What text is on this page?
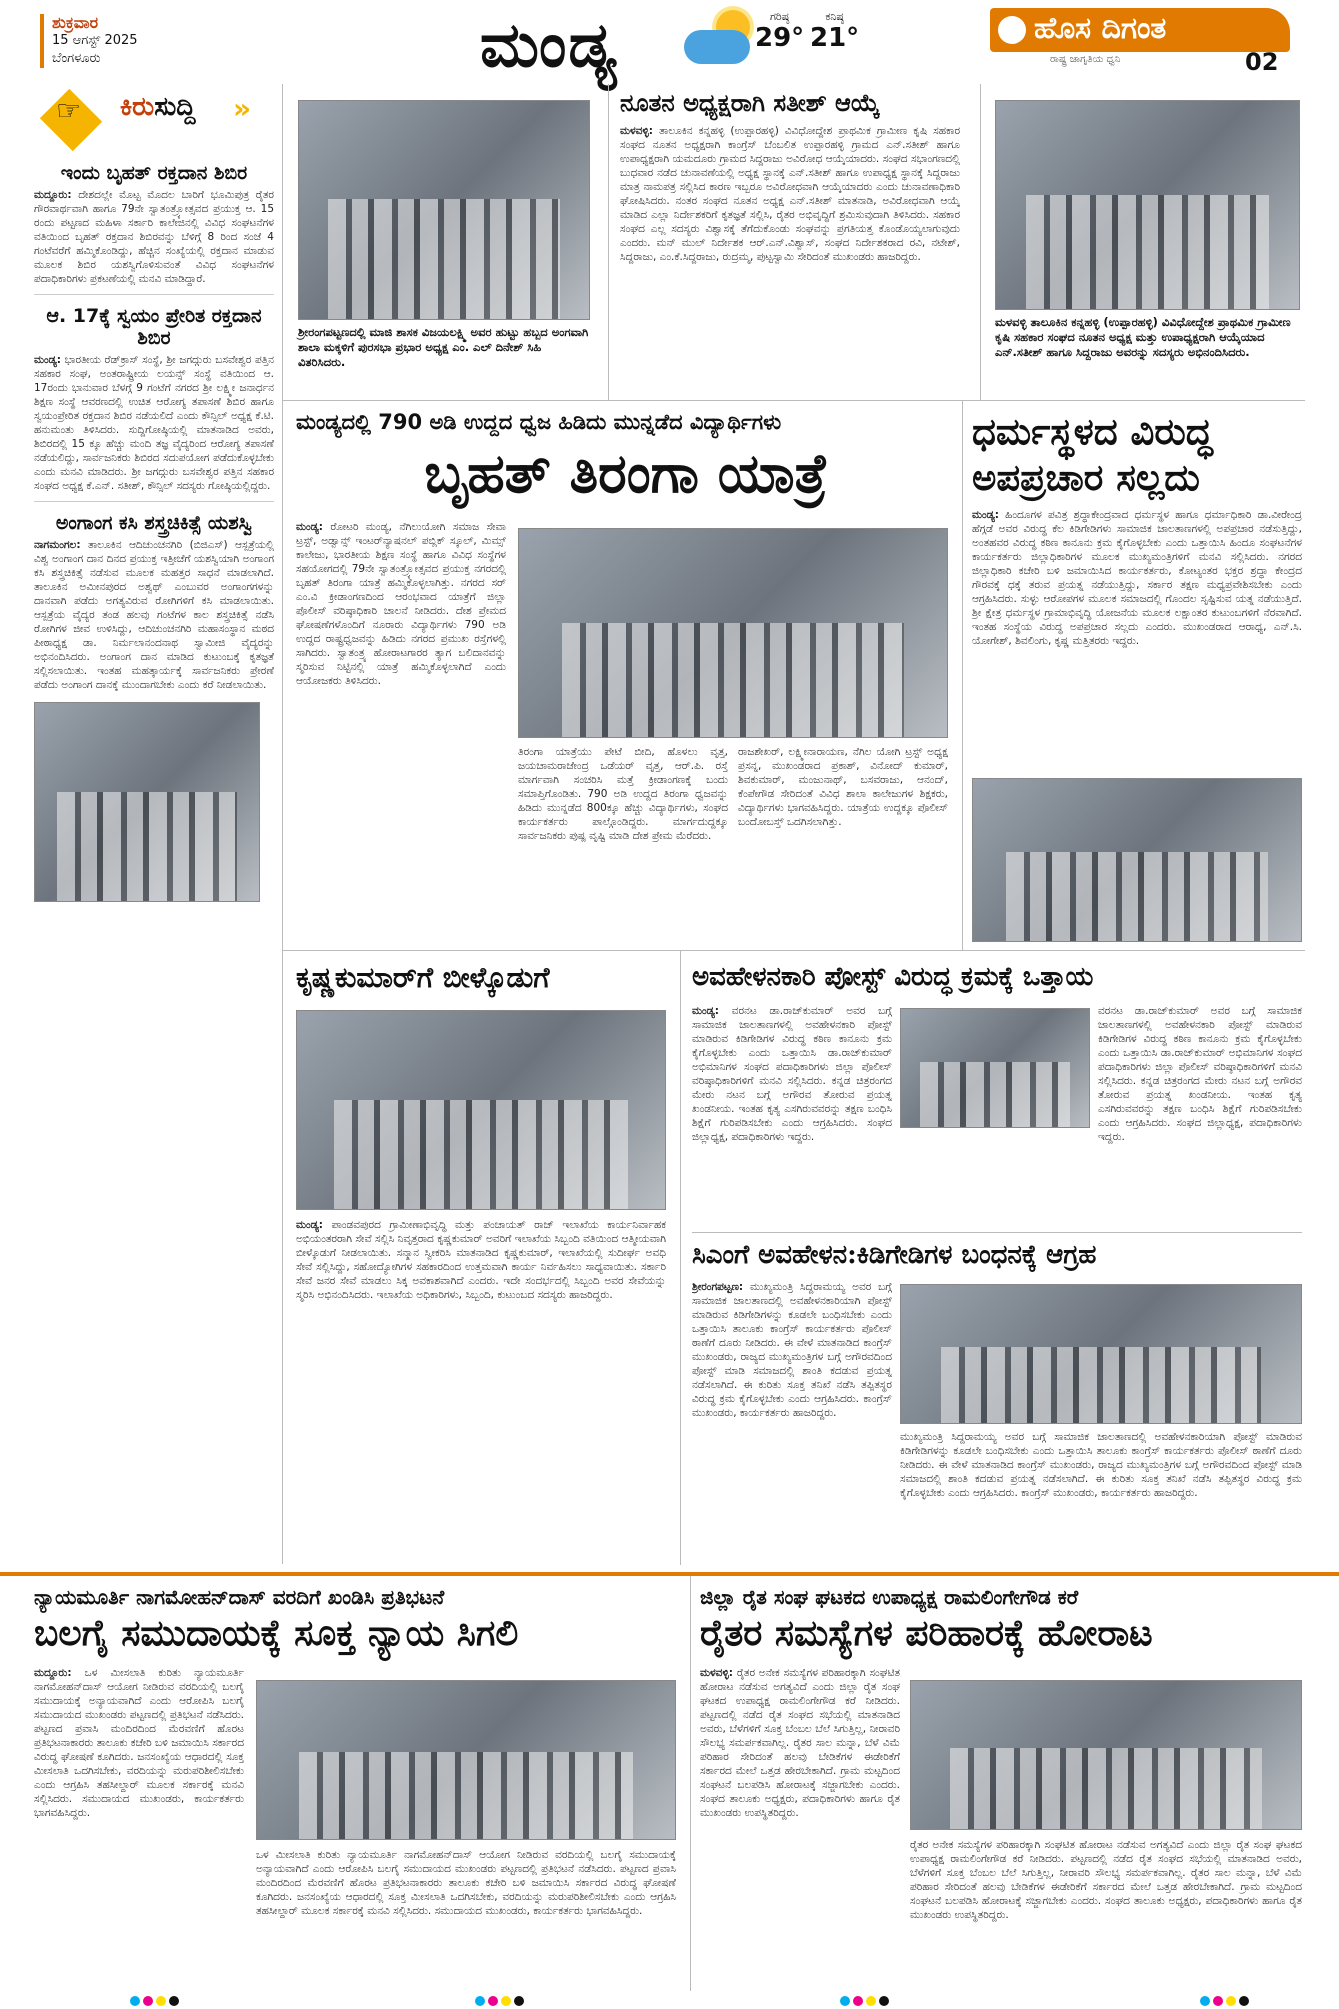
ಶುಕ್ರವಾರ
15 ಆಗಸ್ಟ್ 2025
ಬೆಂಗಳೂರು	ಮಂಡ್ಯ	ಗರಿಷ್ಠ
29°
ಕನಿಷ್ಠ
21°	ಹೊಸ ದಿಗಂತ
ರಾಷ್ಟ್ರ ಜಾಗೃತಿಯ ಧ್ವನಿ	02
☞ ಕಿರುಸುದ್ದಿ »
ಇಂದು ಬೃಹತ್ ರಕ್ತದಾನ ಶಿಬಿರ

ಮದ್ದೂರು: ದೇಶದಲ್ಲೇ ಮೊಟ್ಟ ಮೊದಲ ಬಾರಿಗೆ ಭೂಮಿಪುತ್ರ ರೈತರ ಗೌರವಾರ್ಥವಾಗಿ ಹಾಗೂ 79ನೇ ಸ್ವಾತಂತ್ರ್ಯೋತ್ಸವದ ಪ್ರಯುಕ್ತ ಆ. 15 ರಂದು ಪಟ್ಟಣದ ಮಹಿಳಾ ಸರ್ಕಾರಿ ಕಾಲೇಜಿನಲ್ಲಿ ವಿವಿಧ ಸಂಘಟನೆಗಳ ವತಿಯಿಂದ ಬೃಹತ್ ರಕ್ತದಾನ ಶಿಬಿರವನ್ನು ಬೆಳಿಗ್ಗೆ 8 ರಿಂದ ಸಂಜೆ 4 ಗಂಟೆವರೆಗೆ ಹಮ್ಮಿಕೊಂಡಿದ್ದು, ಹೆಚ್ಚಿನ ಸಂಖ್ಯೆಯಲ್ಲಿ ರಕ್ತದಾನ ಮಾಡುವ ಮೂಲಕ ಶಿಬಿರ ಯಶಸ್ವಿಗೊಳಿಸುವಂತೆ ವಿವಿಧ ಸಂಘಟನೆಗಳ ಪದಾಧಿಕಾರಿಗಳು ಪ್ರಕಟಣೆಯಲ್ಲಿ ಮನವಿ ಮಾಡಿದ್ದಾರೆ.

ಆ. 17ಕ್ಕೆ ಸ್ವಯಂ ಪ್ರೇರಿತ ರಕ್ತದಾನ ಶಿಬಿರ

ಮಂಡ್ಯ: ಭಾರತೀಯ ರೆಡ್‌ಕ್ರಾಸ್ ಸಂಸ್ಥೆ, ಶ್ರೀ ಜಗದ್ಗುರು ಬಸವೇಶ್ವರ ಪತ್ತಿನ ಸಹಕಾರ ಸಂಘ, ಅಂತರಾಷ್ಟ್ರೀಯ ಲಯನ್ಸ್ ಸಂಸ್ಥೆ ವತಿಯಿಂದ ಆ. 17ರಂದು ಭಾನುವಾರ ಬೆಳಗ್ಗೆ 9 ಗಂಟೆಗೆ ನಗರದ ಶ್ರೀ ಲಕ್ಷ್ಮೀ ಜನಾರ್ಧನ ಶಿಕ್ಷಣ ಸಂಸ್ಥೆ ಆವರಣದಲ್ಲಿ ಉಚಿತ ಆರೋಗ್ಯ ತಪಾಸಣೆ ಶಿಬಿರ ಹಾಗೂ ಸ್ವಯಂಪ್ರೇರಿತ ರಕ್ತದಾನ ಶಿಬಿರ ನಡೆಯಲಿದೆ ಎಂದು ಕೌನ್ಸಿಲ್ ಅಧ್ಯಕ್ಷ ಕೆ.ಟಿ. ಹನುಮಂತು ತಿಳಿಸಿದರು. ಸುದ್ದಿಗೋಷ್ಠಿಯಲ್ಲಿ ಮಾತನಾಡಿದ ಅವರು, ಶಿಬಿರದಲ್ಲಿ 15 ಕ್ಕೂ ಹೆಚ್ಚು ಮಂದಿ ತಜ್ಞ ವೈದ್ಯರಿಂದ ಆರೋಗ್ಯ ತಪಾಸಣೆ ನಡೆಯಲಿದ್ದು, ಸಾರ್ವಜನಿಕರು ಶಿಬಿರದ ಸದುಪಯೋಗ ಪಡೆದುಕೊಳ್ಳಬೇಕು ಎಂದು ಮನವಿ ಮಾಡಿದರು. ಶ್ರೀ ಜಗದ್ಗುರು ಬಸವೇಶ್ವರ ಪತ್ತಿನ ಸಹಕಾರ ಸಂಘದ ಅಧ್ಯಕ್ಷ ಕೆ.ಎನ್. ಸತೀಶ್, ಕೌನ್ಸಿಲ್ ಸದಸ್ಯರು ಗೋಷ್ಠಿಯಲ್ಲಿದ್ದರು.

ಅಂಗಾಂಗ ಕಸಿ ಶಸ್ತ್ರಚಿಕಿತ್ಸೆ ಯಶಸ್ವಿ

ನಾಗಮಂಗಲ: ತಾಲೂಕಿನ ಆದಿಚುಂಚನಗಿರಿ (ಬಿಜಿಎಸ್) ಆಸ್ಪತ್ರೆಯಲ್ಲಿ ವಿಶ್ವ ಅಂಗಾಂಗ ದಾನ ದಿನದ ಪ್ರಯುಕ್ತ ಇತ್ತೀಚೆಗೆ ಯಶಸ್ವಿಯಾಗಿ ಅಂಗಾಂಗ ಕಸಿ ಶಸ್ತ್ರಚಿಕಿತ್ಸೆ ನಡೆಸುವ ಮೂಲಕ ಮಹತ್ತರ ಸಾಧನೆ ಮಾಡಲಾಗಿದೆ. ತಾಲೂಕಿನ ಅಮೀನಪುರದ ಅಶ್ವಥ್ ಎಂಬುವರ ಅಂಗಾಂಗಗಳನ್ನು ದಾನವಾಗಿ ಪಡೆದು ಅಗತ್ಯವಿರುವ ರೋಗಿಗಳಿಗೆ ಕಸಿ ಮಾಡಲಾಯಿತು. ಆಸ್ಪತ್ರೆಯ ವೈದ್ಯರ ತಂಡ ಹಲವು ಗಂಟೆಗಳ ಕಾಲ ಶಸ್ತ್ರಚಿಕಿತ್ಸೆ ನಡೆಸಿ ರೋಗಿಗಳ ಜೀವ ಉಳಿಸಿದ್ದು, ಆದಿಚುಂಚನಗಿರಿ ಮಹಾಸಂಸ್ಥಾನ ಮಠದ ಪೀಠಾಧ್ಯಕ್ಷ ಡಾ. ನಿರ್ಮಲಾನಂದನಾಥ ಸ್ವಾಮೀಜಿ ವೈದ್ಯರನ್ನು ಅಭಿನಂದಿಸಿದರು. ಅಂಗಾಂಗ ದಾನ ಮಾಡಿದ ಕುಟುಂಬಕ್ಕೆ ಕೃತಜ್ಞತೆ ಸಲ್ಲಿಸಲಾಯಿತು. ಇಂತಹ ಮಹತ್ಕಾರ್ಯಕ್ಕೆ ಸಾರ್ವಜನಿಕರು ಪ್ರೇರಣೆ ಪಡೆದು ಅಂಗಾಂಗ ದಾನಕ್ಕೆ ಮುಂದಾಗಬೇಕು ಎಂದು ಕರೆ ನೀಡಲಾಯಿತು.

ಶ್ರೀರಂಗಪಟ್ಟಣದಲ್ಲಿ ಮಾಜಿ ಶಾಸಕ ವಿಜಯಲಕ್ಷ್ಮಿ ಅವರ ಹುಟ್ಟು ಹಬ್ಬದ ಅಂಗವಾಗಿ ಶಾಲಾ ಮಕ್ಕಳಿಗೆ ಪುರಸಭಾ ಪ್ರಭಾರ ಅಧ್ಯಕ್ಷ ಎಂ. ಎಲ್ ದಿನೇಶ್ ಸಿಹಿ ವಿತರಿಸಿದರು.
ನೂತನ ಅಧ್ಯಕ್ಷರಾಗಿ ಸತೀಶ್ ಆಯ್ಕೆ
ಮಳವಳ್ಳಿ: ತಾಲೂಕಿನ ಕನ್ನಹಳ್ಳಿ (ಉಪ್ಪಾರಹಳ್ಳಿ) ವಿವಿಧೋದ್ದೇಶ ಪ್ರಾಥಮಿಕ ಗ್ರಾಮೀಣ ಕೃಷಿ ಸಹಕಾರ ಸಂಘದ ನೂತನ ಅಧ್ಯಕ್ಷರಾಗಿ ಕಾಂಗ್ರೆಸ್ ಬೆಂಬಲಿತ ಉಪ್ಪಾರಹಳ್ಳಿ ಗ್ರಾಮದ ಎನ್.ಸತೀಶ್ ಹಾಗೂ ಉಪಾಧ್ಯಕ್ಷರಾಗಿ ಯಮದೂರು ಗ್ರಾಮದ ಸಿದ್ದರಾಜು ಅವಿರೋಧ ಆಯ್ಕೆಯಾದರು. ಸಂಘದ ಸಭಾಂಗಣದಲ್ಲಿ ಬುಧವಾರ ನಡೆದ ಚುನಾವಣೆಯಲ್ಲಿ ಅಧ್ಯಕ್ಷ ಸ್ಥಾನಕ್ಕೆ ಎನ್.ಸತೀಶ್ ಹಾಗೂ ಉಪಾಧ್ಯಕ್ಷ ಸ್ಥಾನಕ್ಕೆ ಸಿದ್ದರಾಜು ಮಾತ್ರ ನಾಮಪತ್ರ ಸಲ್ಲಿಸಿದ ಕಾರಣ ಇಬ್ಬರೂ ಅವಿರೋಧವಾಗಿ ಆಯ್ಕೆಯಾದರು ಎಂದು ಚುನಾವಣಾಧಿಕಾರಿ ಘೋಷಿಸಿದರು. ನಂತರ ಸಂಘದ ನೂತನ ಅಧ್ಯಕ್ಷ ಎನ್.ಸತೀಶ್ ಮಾತನಾಡಿ, ಅವಿರೋಧವಾಗಿ ಆಯ್ಕೆ ಮಾಡಿದ ಎಲ್ಲಾ ನಿರ್ದೇಶಕರಿಗೆ ಕೃತಜ್ಞತೆ ಸಲ್ಲಿಸಿ, ರೈತರ ಅಭಿವೃದ್ಧಿಗೆ ಶ್ರಮಿಸುವುದಾಗಿ ತಿಳಿಸಿದರು. ಸಹಕಾರ ಸಂಘದ ಎಲ್ಲ ಸದಸ್ಯರು ವಿಶ್ವಾಸಕ್ಕೆ ತೆಗೆದುಕೊಂಡು ಸಂಘವನ್ನು ಪ್ರಗತಿಯತ್ತ ಕೊಂಡೊಯ್ಯಲಾಗುವುದು ಎಂದರು. ಮನ್ ಮುಲ್ ನಿರ್ದೇಶಕ ಆರ್.ಎನ್.ವಿಶ್ವಾಸ್, ಸಂಘದ ನಿರ್ದೇಶಕರಾದ ರವಿ, ನಟೇಶ್, ಸಿದ್ದರಾಜು, ಎಂ.ಕೆ.ಸಿದ್ದರಾಜು, ರುದ್ರಮ್ಮ, ಪುಟ್ಟಸ್ವಾಮಿ ಸೇರಿದಂತೆ ಮುಖಂಡರು ಹಾಜರಿದ್ದರು.
ಮಳವಳ್ಳಿ ತಾಲೂಕಿನ ಕನ್ನಹಳ್ಳಿ (ಉಪ್ಪಾರಹಳ್ಳಿ) ವಿವಿಧೋದ್ದೇಶ ಪ್ರಾಥಮಿಕ ಗ್ರಾಮೀಣ ಕೃಷಿ ಸಹಕಾರ ಸಂಘದ ನೂತನ ಅಧ್ಯಕ್ಷ ಮತ್ತು ಉಪಾಧ್ಯಕ್ಷರಾಗಿ ಆಯ್ಕೆಯಾದ ಎನ್.ಸತೀಶ್ ಹಾಗೂ ಸಿದ್ದರಾಜು ಅವರನ್ನು ಸದಸ್ಯರು ಅಭಿನಂದಿಸಿದರು.
ಮಂಡ್ಯದಲ್ಲಿ 790 ಅಡಿ ಉದ್ದದ ಧ್ವಜ ಹಿಡಿದು ಮುನ್ನಡೆದ ವಿದ್ಯಾರ್ಥಿಗಳು
ಬೃಹತ್ ತಿರಂಗಾ ಯಾತ್ರೆ
ಮಂಡ್ಯ: ರೋಟರಿ ಮಂಡ್ಯ, ನೆಗಿಲುಯೋಗಿ ಸಮಾಜ ಸೇವಾ ಟ್ರಸ್ಟ್, ಅಡ್ವಾನ್ಸ್ ಇಂಟರ್‌ನ್ಯಾಷನಲ್ ಪಬ್ಲಿಕ್ ಸ್ಕೂಲ್, ಮಿಮ್ಸ್ ಕಾಲೇಜು, ಭಾರತೀಯ ಶಿಕ್ಷಣ ಸಂಸ್ಥೆ ಹಾಗೂ ವಿವಿಧ ಸಂಸ್ಥೆಗಳ ಸಹಯೋಗದಲ್ಲಿ 79ನೇ ಸ್ವಾತಂತ್ರ್ಯೋತ್ಸವದ ಪ್ರಯುಕ್ತ ನಗರದಲ್ಲಿ ಬೃಹತ್ ತಿರಂಗಾ ಯಾತ್ರೆ ಹಮ್ಮಿಕೊಳ್ಳಲಾಗಿತ್ತು. ನಗರದ ಸರ್ ಎಂ.ವಿ ಕ್ರೀಡಾಂಗಣದಿಂದ ಆರಂಭವಾದ ಯಾತ್ರೆಗೆ ಜಿಲ್ಲಾ ಪೊಲೀಸ್ ವರಿಷ್ಠಾಧಿಕಾರಿ ಚಾಲನೆ ನೀಡಿದರು. ದೇಶ ಪ್ರೇಮದ ಘೋಷಣೆಗಳೊಂದಿಗೆ ನೂರಾರು ವಿದ್ಯಾರ್ಥಿಗಳು 790 ಅಡಿ ಉದ್ದದ ರಾಷ್ಟ್ರಧ್ವಜವನ್ನು ಹಿಡಿದು ನಗರದ ಪ್ರಮುಖ ರಸ್ತೆಗಳಲ್ಲಿ ಸಾಗಿದರು. ಸ್ವಾತಂತ್ರ್ಯ ಹೋರಾಟಗಾರರ ತ್ಯಾಗ ಬಲಿದಾನವನ್ನು ಸ್ಮರಿಸುವ ನಿಟ್ಟಿನಲ್ಲಿ ಯಾತ್ರೆ ಹಮ್ಮಿಕೊಳ್ಳಲಾಗಿದೆ ಎಂದು ಆಯೋಜಕರು ತಿಳಿಸಿದರು.
ತಿರಂಗಾ ಯಾತ್ರೆಯು ಪೇಟೆ ಬೀದಿ, ಹೊಳಲು ವೃತ್ತ, ಜಯಚಾಮರಾಜೇಂದ್ರ ಒಡೆಯರ್ ವೃತ್ತ, ಆರ್.ಪಿ. ರಸ್ತೆ ಮಾರ್ಗವಾಗಿ ಸಂಚರಿಸಿ ಮತ್ತೆ ಕ್ರೀಡಾಂಗಣಕ್ಕೆ ಬಂದು ಸಮಾಪ್ತಿಗೊಂಡಿತು. 790 ಅಡಿ ಉದ್ದದ ತಿರಂಗಾ ಧ್ವಜವನ್ನು ಹಿಡಿದು ಮುನ್ನಡೆದ 800ಕ್ಕೂ ಹೆಚ್ಚು ವಿದ್ಯಾರ್ಥಿಗಳು, ಸಂಘದ ಕಾರ್ಯಕರ್ತರು ಪಾಲ್ಗೊಂಡಿದ್ದರು. ಮಾರ್ಗದುದ್ದಕ್ಕೂ ಸಾರ್ವಜನಿಕರು ಪುಷ್ಪ ವೃಷ್ಟಿ ಮಾಡಿ ದೇಶ ಪ್ರೇಮ ಮೆರೆದರು.
ರಾಜಶೇಖರ್, ಲಕ್ಷ್ಮೀನಾರಾಯಣ, ನೆಗಿಲ ಯೋಗಿ ಟ್ರಸ್ಟ್ ಅಧ್ಯಕ್ಷ ಪ್ರಸನ್ನ, ಮುಖಂಡರಾದ ಪ್ರಕಾಶ್, ವಿನೋದ್ ಕುಮಾರ್, ಶಿವಕುಮಾರ್, ಮಂಜುನಾಥ್, ಬಸವರಾಜು, ಆನಂದ್, ಕೆಂಪೇಗೌಡ ಸೇರಿದಂತೆ ವಿವಿಧ ಶಾಲಾ ಕಾಲೇಜುಗಳ ಶಿಕ್ಷಕರು, ವಿದ್ಯಾರ್ಥಿಗಳು ಭಾಗವಹಿಸಿದ್ದರು. ಯಾತ್ರೆಯ ಉದ್ದಕ್ಕೂ ಪೊಲೀಸ್ ಬಂದೋಬಸ್ತ್ ಒದಗಿಸಲಾಗಿತ್ತು.
ಧರ್ಮಸ್ಥಳದ ವಿರುದ್ಧ ಅಪಪ್ರಚಾರ ಸಲ್ಲದು
ಮಂಡ್ಯ: ಹಿಂದೂಗಳ ಪವಿತ್ರ ಶ್ರದ್ಧಾಕೇಂದ್ರವಾದ ಧರ್ಮಸ್ಥಳ ಹಾಗೂ ಧರ್ಮಾಧಿಕಾರಿ ಡಾ.ವೀರೇಂದ್ರ ಹೆಗ್ಗಡೆ ಅವರ ವಿರುದ್ಧ ಕೆಲ ಕಿಡಿಗೇಡಿಗಳು ಸಾಮಾಜಿಕ ಜಾಲತಾಣಗಳಲ್ಲಿ ಅಪಪ್ರಚಾರ ನಡೆಸುತ್ತಿದ್ದು, ಅಂತಹವರ ವಿರುದ್ಧ ಕಠಿಣ ಕಾನೂನು ಕ್ರಮ ಕೈಗೊಳ್ಳಬೇಕು ಎಂದು ಒತ್ತಾಯಿಸಿ ಹಿಂದೂ ಸಂಘಟನೆಗಳ ಕಾರ್ಯಕರ್ತರು ಜಿಲ್ಲಾಧಿಕಾರಿಗಳ ಮೂಲಕ ಮುಖ್ಯಮಂತ್ರಿಗಳಿಗೆ ಮನವಿ ಸಲ್ಲಿಸಿದರು. ನಗರದ ಜಿಲ್ಲಾಧಿಕಾರಿ ಕಚೇರಿ ಬಳಿ ಜಮಾಯಿಸಿದ ಕಾರ್ಯಕರ್ತರು, ಕೋಟ್ಯಂತರ ಭಕ್ತರ ಶ್ರದ್ಧಾ ಕೇಂದ್ರದ ಗೌರವಕ್ಕೆ ಧಕ್ಕೆ ತರುವ ಪ್ರಯತ್ನ ನಡೆಯುತ್ತಿದ್ದು, ಸರ್ಕಾರ ತಕ್ಷಣ ಮಧ್ಯಪ್ರವೇಶಿಸಬೇಕು ಎಂದು ಆಗ್ರಹಿಸಿದರು. ಸುಳ್ಳು ಆರೋಪಗಳ ಮೂಲಕ ಸಮಾಜದಲ್ಲಿ ಗೊಂದಲ ಸೃಷ್ಟಿಸುವ ಯತ್ನ ನಡೆಯುತ್ತಿದೆ. ಶ್ರೀ ಕ್ಷೇತ್ರ ಧರ್ಮಸ್ಥಳ ಗ್ರಾಮಾಭಿವೃದ್ಧಿ ಯೋಜನೆಯ ಮೂಲಕ ಲಕ್ಷಾಂತರ ಕುಟುಂಬಗಳಿಗೆ ನೆರವಾಗಿದೆ. ಇಂತಹ ಸಂಸ್ಥೆಯ ವಿರುದ್ಧ ಅಪಪ್ರಚಾರ ಸಲ್ಲದು ಎಂದರು. ಮುಖಂಡರಾದ ಆರಾಧ್ಯ, ಎನ್.ಸಿ. ಯೋಗೇಶ್, ಶಿವಲಿಂಗು, ಕೃಷ್ಣ ಮತ್ತಿತರರು ಇದ್ದರು.
ಕೃಷ್ಣಕುಮಾರ್‌ಗೆ ಬೀಳ್ಕೊಡುಗೆ
ಮಂಡ್ಯ: ಪಾಂಡವಪುರದ ಗ್ರಾಮೀಣಾಭಿವೃದ್ಧಿ ಮತ್ತು ಪಂಚಾಯತ್ ರಾಜ್ ಇಲಾಖೆಯ ಕಾರ್ಯನಿರ್ವಾಹಕ ಅಭಿಯಂತರರಾಗಿ ಸೇವೆ ಸಲ್ಲಿಸಿ ನಿವೃತ್ತರಾದ ಕೃಷ್ಣಕುಮಾರ್ ಅವರಿಗೆ ಇಲಾಖೆಯ ಸಿಬ್ಬಂದಿ ವತಿಯಿಂದ ಆತ್ಮೀಯವಾಗಿ ಬೀಳ್ಕೊಡುಗೆ ನೀಡಲಾಯಿತು. ಸನ್ಮಾನ ಸ್ವೀಕರಿಸಿ ಮಾತನಾಡಿದ ಕೃಷ್ಣಕುಮಾರ್, ಇಲಾಖೆಯಲ್ಲಿ ಸುದೀರ್ಘ ಅವಧಿ ಸೇವೆ ಸಲ್ಲಿಸಿದ್ದು, ಸಹೋದ್ಯೋಗಿಗಳ ಸಹಕಾರದಿಂದ ಉತ್ತಮವಾಗಿ ಕಾರ್ಯ ನಿರ್ವಹಿಸಲು ಸಾಧ್ಯವಾಯಿತು. ಸರ್ಕಾರಿ ಸೇವೆ ಜನರ ಸೇವೆ ಮಾಡಲು ಸಿಕ್ಕ ಅವಕಾಶವಾಗಿದೆ ಎಂದರು. ಇದೇ ಸಂದರ್ಭದಲ್ಲಿ ಸಿಬ್ಬಂದಿ ಅವರ ಸೇವೆಯನ್ನು ಸ್ಮರಿಸಿ ಅಭಿನಂದಿಸಿದರು. ಇಲಾಖೆಯ ಅಧಿಕಾರಿಗಳು, ಸಿಬ್ಬಂದಿ, ಕುಟುಂಬದ ಸದಸ್ಯರು ಹಾಜರಿದ್ದರು.
ಅವಹೇಳನಕಾರಿ ಪೋಸ್ಟ್ ವಿರುದ್ಧ ಕ್ರಮಕ್ಕೆ ಒತ್ತಾಯ
ಮಂಡ್ಯ: ವರನಟ ಡಾ.ರಾಜ್‌ಕುಮಾರ್ ಅವರ ಬಗ್ಗೆ ಸಾಮಾಜಿಕ ಜಾಲತಾಣಗಳಲ್ಲಿ ಅವಹೇಳನಕಾರಿ ಪೋಸ್ಟ್ ಮಾಡಿರುವ ಕಿಡಿಗೇಡಿಗಳ ವಿರುದ್ಧ ಕಠಿಣ ಕಾನೂನು ಕ್ರಮ ಕೈಗೊಳ್ಳಬೇಕು ಎಂದು ಒತ್ತಾಯಿಸಿ ಡಾ.ರಾಜ್‌ಕುಮಾರ್ ಅಭಿಮಾನಿಗಳ ಸಂಘದ ಪದಾಧಿಕಾರಿಗಳು ಜಿಲ್ಲಾ ಪೊಲೀಸ್ ವರಿಷ್ಠಾಧಿಕಾರಿಗಳಿಗೆ ಮನವಿ ಸಲ್ಲಿಸಿದರು. ಕನ್ನಡ ಚಿತ್ರರಂಗದ ಮೇರು ನಟನ ಬಗ್ಗೆ ಅಗೌರವ ತೋರುವ ಪ್ರಯತ್ನ ಖಂಡನೀಯ. ಇಂತಹ ಕೃತ್ಯ ಎಸಗಿರುವವರನ್ನು ತಕ್ಷಣ ಬಂಧಿಸಿ ಶಿಕ್ಷೆಗೆ ಗುರಿಪಡಿಸಬೇಕು ಎಂದು ಆಗ್ರಹಿಸಿದರು. ಸಂಘದ ಜಿಲ್ಲಾಧ್ಯಕ್ಷ, ಪದಾಧಿಕಾರಿಗಳು ಇದ್ದರು.
ವರನಟ ಡಾ.ರಾಜ್‌ಕುಮಾರ್ ಅವರ ಬಗ್ಗೆ ಸಾಮಾಜಿಕ ಜಾಲತಾಣಗಳಲ್ಲಿ ಅವಹೇಳನಕಾರಿ ಪೋಸ್ಟ್ ಮಾಡಿರುವ ಕಿಡಿಗೇಡಿಗಳ ವಿರುದ್ಧ ಕಠಿಣ ಕಾನೂನು ಕ್ರಮ ಕೈಗೊಳ್ಳಬೇಕು ಎಂದು ಒತ್ತಾಯಿಸಿ ಡಾ.ರಾಜ್‌ಕುಮಾರ್ ಅಭಿಮಾನಿಗಳ ಸಂಘದ ಪದಾಧಿಕಾರಿಗಳು ಜಿಲ್ಲಾ ಪೊಲೀಸ್ ವರಿಷ್ಠಾಧಿಕಾರಿಗಳಿಗೆ ಮನವಿ ಸಲ್ಲಿಸಿದರು. ಕನ್ನಡ ಚಿತ್ರರಂಗದ ಮೇರು ನಟನ ಬಗ್ಗೆ ಅಗೌರವ ತೋರುವ ಪ್ರಯತ್ನ ಖಂಡನೀಯ. ಇಂತಹ ಕೃತ್ಯ ಎಸಗಿರುವವರನ್ನು ತಕ್ಷಣ ಬಂಧಿಸಿ ಶಿಕ್ಷೆಗೆ ಗುರಿಪಡಿಸಬೇಕು ಎಂದು ಆಗ್ರಹಿಸಿದರು. ಸಂಘದ ಜಿಲ್ಲಾಧ್ಯಕ್ಷ, ಪದಾಧಿಕಾರಿಗಳು ಇದ್ದರು.
ಸಿಎಂಗೆ ಅವಹೇಳನ:ಕಿಡಿಗೇಡಿಗಳ ಬಂಧನಕ್ಕೆ ಆಗ್ರಹ
ಶ್ರೀರಂಗಪಟ್ಟಣ: ಮುಖ್ಯಮಂತ್ರಿ ಸಿದ್ದರಾಮಯ್ಯ ಅವರ ಬಗ್ಗೆ ಸಾಮಾಜಿಕ ಜಾಲತಾಣದಲ್ಲಿ ಅವಹೇಳನಕಾರಿಯಾಗಿ ಪೋಸ್ಟ್ ಮಾಡಿರುವ ಕಿಡಿಗೇಡಿಗಳನ್ನು ಕೂಡಲೇ ಬಂಧಿಸಬೇಕು ಎಂದು ಒತ್ತಾಯಿಸಿ ತಾಲೂಕು ಕಾಂಗ್ರೆಸ್ ಕಾರ್ಯಕರ್ತರು ಪೊಲೀಸ್ ಠಾಣೆಗೆ ದೂರು ನೀಡಿದರು. ಈ ವೇಳೆ ಮಾತನಾಡಿದ ಕಾಂಗ್ರೆಸ್ ಮುಖಂಡರು, ರಾಜ್ಯದ ಮುಖ್ಯಮಂತ್ರಿಗಳ ಬಗ್ಗೆ ಅಗೌರವದಿಂದ ಪೋಸ್ಟ್ ಮಾಡಿ ಸಮಾಜದಲ್ಲಿ ಶಾಂತಿ ಕದಡುವ ಪ್ರಯತ್ನ ನಡೆಸಲಾಗಿದೆ. ಈ ಕುರಿತು ಸೂಕ್ತ ತನಿಖೆ ನಡೆಸಿ ತಪ್ಪಿತಸ್ಥರ ವಿರುದ್ಧ ಕ್ರಮ ಕೈಗೊಳ್ಳಬೇಕು ಎಂದು ಆಗ್ರಹಿಸಿದರು. ಕಾಂಗ್ರೆಸ್ ಮುಖಂಡರು, ಕಾರ್ಯಕರ್ತರು ಹಾಜರಿದ್ದರು.
ಮುಖ್ಯಮಂತ್ರಿ ಸಿದ್ದರಾಮಯ್ಯ ಅವರ ಬಗ್ಗೆ ಸಾಮಾಜಿಕ ಜಾಲತಾಣದಲ್ಲಿ ಅವಹೇಳನಕಾರಿಯಾಗಿ ಪೋಸ್ಟ್ ಮಾಡಿರುವ ಕಿಡಿಗೇಡಿಗಳನ್ನು ಕೂಡಲೇ ಬಂಧಿಸಬೇಕು ಎಂದು ಒತ್ತಾಯಿಸಿ ತಾಲೂಕು ಕಾಂಗ್ರೆಸ್ ಕಾರ್ಯಕರ್ತರು ಪೊಲೀಸ್ ಠಾಣೆಗೆ ದೂರು ನೀಡಿದರು. ಈ ವೇಳೆ ಮಾತನಾಡಿದ ಕಾಂಗ್ರೆಸ್ ಮುಖಂಡರು, ರಾಜ್ಯದ ಮುಖ್ಯಮಂತ್ರಿಗಳ ಬಗ್ಗೆ ಅಗೌರವದಿಂದ ಪೋಸ್ಟ್ ಮಾಡಿ ಸಮಾಜದಲ್ಲಿ ಶಾಂತಿ ಕದಡುವ ಪ್ರಯತ್ನ ನಡೆಸಲಾಗಿದೆ. ಈ ಕುರಿತು ಸೂಕ್ತ ತನಿಖೆ ನಡೆಸಿ ತಪ್ಪಿತಸ್ಥರ ವಿರುದ್ಧ ಕ್ರಮ ಕೈಗೊಳ್ಳಬೇಕು ಎಂದು ಆಗ್ರಹಿಸಿದರು. ಕಾಂಗ್ರೆಸ್ ಮುಖಂಡರು, ಕಾರ್ಯಕರ್ತರು ಹಾಜರಿದ್ದರು.
ನ್ಯಾಯಮೂರ್ತಿ ನಾಗಮೋಹನ್‌ದಾಸ್ ವರದಿಗೆ ಖಂಡಿಸಿ ಪ್ರತಿಭಟನೆ
ಬಲಗೈ ಸಮುದಾಯಕ್ಕೆ ಸೂಕ್ತ ನ್ಯಾಯ ಸಿಗಲಿ
ಮದ್ದೂರು: ಒಳ ಮೀಸಲಾತಿ ಕುರಿತು ನ್ಯಾಯಮೂರ್ತಿ ನಾಗಮೋಹನ್‌ದಾಸ್ ಆಯೋಗ ನೀಡಿರುವ ವರದಿಯಲ್ಲಿ ಬಲಗೈ ಸಮುದಾಯಕ್ಕೆ ಅನ್ಯಾಯವಾಗಿದೆ ಎಂದು ಆರೋಪಿಸಿ ಬಲಗೈ ಸಮುದಾಯದ ಮುಖಂಡರು ಪಟ್ಟಣದಲ್ಲಿ ಪ್ರತಿಭಟನೆ ನಡೆಸಿದರು. ಪಟ್ಟಣದ ಪ್ರವಾಸಿ ಮಂದಿರದಿಂದ ಮೆರವಣಿಗೆ ಹೊರಟ ಪ್ರತಿಭಟನಾಕಾರರು ತಾಲೂಕು ಕಚೇರಿ ಬಳಿ ಜಮಾಯಿಸಿ ಸರ್ಕಾರದ ವಿರುದ್ಧ ಘೋಷಣೆ ಕೂಗಿದರು. ಜನಸಂಖ್ಯೆಯ ಆಧಾರದಲ್ಲಿ ಸೂಕ್ತ ಮೀಸಲಾತಿ ಒದಗಿಸಬೇಕು, ವರದಿಯನ್ನು ಮರುಪರಿಶೀಲಿಸಬೇಕು ಎಂದು ಆಗ್ರಹಿಸಿ ತಹಸೀಲ್ದಾರ್ ಮೂಲಕ ಸರ್ಕಾರಕ್ಕೆ ಮನವಿ ಸಲ್ಲಿಸಿದರು. ಸಮುದಾಯದ ಮುಖಂಡರು, ಕಾರ್ಯಕರ್ತರು ಭಾಗವಹಿಸಿದ್ದರು.
ಒಳ ಮೀಸಲಾತಿ ಕುರಿತು ನ್ಯಾಯಮೂರ್ತಿ ನಾಗಮೋಹನ್‌ದಾಸ್ ಆಯೋಗ ನೀಡಿರುವ ವರದಿಯಲ್ಲಿ ಬಲಗೈ ಸಮುದಾಯಕ್ಕೆ ಅನ್ಯಾಯವಾಗಿದೆ ಎಂದು ಆರೋಪಿಸಿ ಬಲಗೈ ಸಮುದಾಯದ ಮುಖಂಡರು ಪಟ್ಟಣದಲ್ಲಿ ಪ್ರತಿಭಟನೆ ನಡೆಸಿದರು. ಪಟ್ಟಣದ ಪ್ರವಾಸಿ ಮಂದಿರದಿಂದ ಮೆರವಣಿಗೆ ಹೊರಟ ಪ್ರತಿಭಟನಾಕಾರರು ತಾಲೂಕು ಕಚೇರಿ ಬಳಿ ಜಮಾಯಿಸಿ ಸರ್ಕಾರದ ವಿರುದ್ಧ ಘೋಷಣೆ ಕೂಗಿದರು. ಜನಸಂಖ್ಯೆಯ ಆಧಾರದಲ್ಲಿ ಸೂಕ್ತ ಮೀಸಲಾತಿ ಒದಗಿಸಬೇಕು, ವರದಿಯನ್ನು ಮರುಪರಿಶೀಲಿಸಬೇಕು ಎಂದು ಆಗ್ರಹಿಸಿ ತಹಸೀಲ್ದಾರ್ ಮೂಲಕ ಸರ್ಕಾರಕ್ಕೆ ಮನವಿ ಸಲ್ಲಿಸಿದರು. ಸಮುದಾಯದ ಮುಖಂಡರು, ಕಾರ್ಯಕರ್ತರು ಭಾಗವಹಿಸಿದ್ದರು.
ಜಿಲ್ಲಾ ರೈತ ಸಂಘ ಘಟಕದ ಉಪಾಧ್ಯಕ್ಷ ರಾಮಲಿಂಗೇಗೌಡ ಕರೆ
ರೈತರ ಸಮಸ್ಯೆಗಳ ಪರಿಹಾರಕ್ಕೆ ಹೋರಾಟ
ಮಳವಳ್ಳಿ: ರೈತರ ಅನೇಕ ಸಮಸ್ಯೆಗಳ ಪರಿಹಾರಕ್ಕಾಗಿ ಸಂಘಟಿತ ಹೋರಾಟ ನಡೆಸುವ ಅಗತ್ಯವಿದೆ ಎಂದು ಜಿಲ್ಲಾ ರೈತ ಸಂಘ ಘಟಕದ ಉಪಾಧ್ಯಕ್ಷ ರಾಮಲಿಂಗೇಗೌಡ ಕರೆ ನೀಡಿದರು. ಪಟ್ಟಣದಲ್ಲಿ ನಡೆದ ರೈತ ಸಂಘದ ಸಭೆಯಲ್ಲಿ ಮಾತನಾಡಿದ ಅವರು, ಬೆಳೆಗಳಿಗೆ ಸೂಕ್ತ ಬೆಂಬಲ ಬೆಲೆ ಸಿಗುತ್ತಿಲ್ಲ, ನೀರಾವರಿ ಸೌಲಭ್ಯ ಸಮರ್ಪಕವಾಗಿಲ್ಲ. ರೈತರ ಸಾಲ ಮನ್ನಾ, ಬೆಳೆ ವಿಮೆ ಪರಿಹಾರ ಸೇರಿದಂತೆ ಹಲವು ಬೇಡಿಕೆಗಳ ಈಡೇರಿಕೆಗೆ ಸರ್ಕಾರದ ಮೇಲೆ ಒತ್ತಡ ಹೇರಬೇಕಾಗಿದೆ. ಗ್ರಾಮ ಮಟ್ಟದಿಂದ ಸಂಘಟನೆ ಬಲಪಡಿಸಿ ಹೋರಾಟಕ್ಕೆ ಸಜ್ಜಾಗಬೇಕು ಎಂದರು. ಸಂಘದ ತಾಲೂಕು ಅಧ್ಯಕ್ಷರು, ಪದಾಧಿಕಾರಿಗಳು ಹಾಗೂ ರೈತ ಮುಖಂಡರು ಉಪಸ್ಥಿತರಿದ್ದರು.
ರೈತರ ಅನೇಕ ಸಮಸ್ಯೆಗಳ ಪರಿಹಾರಕ್ಕಾಗಿ ಸಂಘಟಿತ ಹೋರಾಟ ನಡೆಸುವ ಅಗತ್ಯವಿದೆ ಎಂದು ಜಿಲ್ಲಾ ರೈತ ಸಂಘ ಘಟಕದ ಉಪಾಧ್ಯಕ್ಷ ರಾಮಲಿಂಗೇಗೌಡ ಕರೆ ನೀಡಿದರು. ಪಟ್ಟಣದಲ್ಲಿ ನಡೆದ ರೈತ ಸಂಘದ ಸಭೆಯಲ್ಲಿ ಮಾತನಾಡಿದ ಅವರು, ಬೆಳೆಗಳಿಗೆ ಸೂಕ್ತ ಬೆಂಬಲ ಬೆಲೆ ಸಿಗುತ್ತಿಲ್ಲ, ನೀರಾವರಿ ಸೌಲಭ್ಯ ಸಮರ್ಪಕವಾಗಿಲ್ಲ. ರೈತರ ಸಾಲ ಮನ್ನಾ, ಬೆಳೆ ವಿಮೆ ಪರಿಹಾರ ಸೇರಿದಂತೆ ಹಲವು ಬೇಡಿಕೆಗಳ ಈಡೇರಿಕೆಗೆ ಸರ್ಕಾರದ ಮೇಲೆ ಒತ್ತಡ ಹೇರಬೇಕಾಗಿದೆ. ಗ್ರಾಮ ಮಟ್ಟದಿಂದ ಸಂಘಟನೆ ಬಲಪಡಿಸಿ ಹೋರಾಟಕ್ಕೆ ಸಜ್ಜಾಗಬೇಕು ಎಂದರು. ಸಂಘದ ತಾಲೂಕು ಅಧ್ಯಕ್ಷರು, ಪದಾಧಿಕಾರಿಗಳು ಹಾಗೂ ರೈತ ಮುಖಂಡರು ಉಪಸ್ಥಿತರಿದ್ದರು.
